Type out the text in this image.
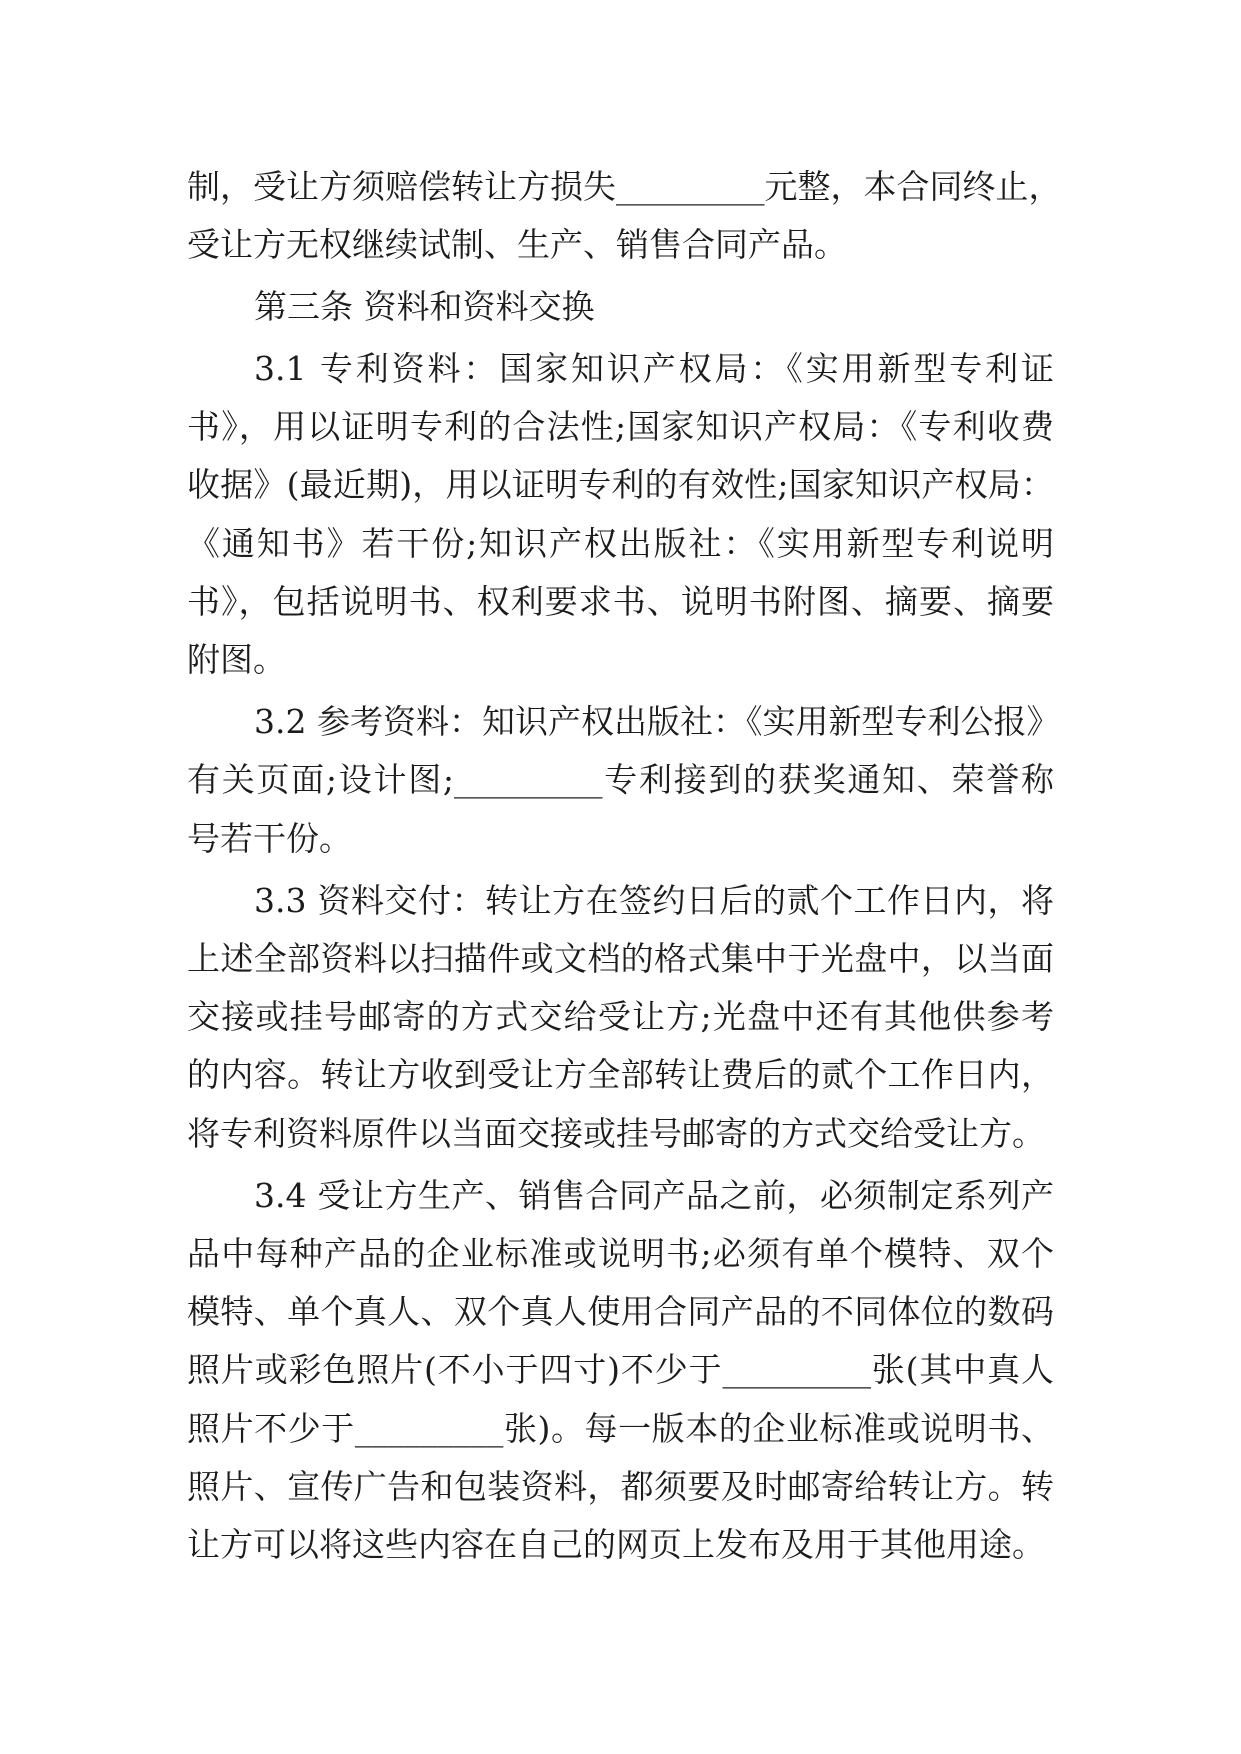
制，受让方须赔偿转让方损失_________元整，本合同终止，
受让方无权继续试制、生产、销售合同产品。
第三条 资料和资料交换
3.1 专利资料：国家知识产权局：《实用新型专利证
书》，用以证明专利的合法性;国家知识产权局：《专利收费
收据》(最近期)，用以证明专利的有效性;国家知识产权局：
《通知书》若干份;知识产权出版社：《实用新型专利说明
书》，包括说明书、权利要求书、说明书附图、摘要、摘要
附图。
3.2 参考资料：知识产权出版社：《实用新型专利公报》
有关页面;设计图;_________专利接到的获奖通知、荣誉称
号若干份。
3.3 资料交付：转让方在签约日后的贰个工作日内，将
上述全部资料以扫描件或文档的格式集中于光盘中，以当面
交接或挂号邮寄的方式交给受让方;光盘中还有其他供参考
的内容。转让方收到受让方全部转让费后的贰个工作日内，
将专利资料原件以当面交接或挂号邮寄的方式交给受让方。
3.4 受让方生产、销售合同产品之前，必须制定系列产
品中每种产品的企业标准或说明书;必须有单个模特、双个
模特、单个真人、双个真人使用合同产品的不同体位的数码
照片或彩色照片(不小于四寸)不少于_________张(其中真人
照片不少于_________张)。每一版本的企业标准或说明书、
照片、宣传广告和包装资料，都须要及时邮寄给转让方。转
让方可以将这些内容在自己的网页上发布及用于其他用途。
